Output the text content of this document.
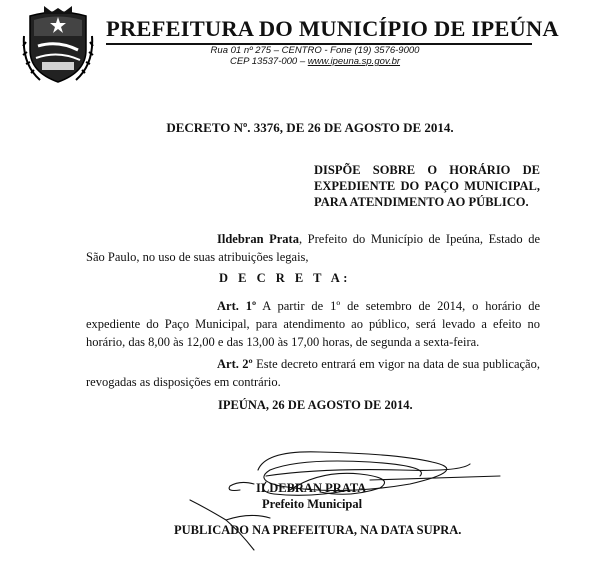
PREFEITURA DO MUNICÍPIO DE IPEÚNA
Rua 01 nº 275 – CENTRO - Fone (19) 3576-9000
CEP 13537-000 – www.ipeuna.sp.gov.br
DECRETO Nº. 3376, DE 26 DE AGOSTO DE 2014.
DISPÕE SOBRE O HORÁRIO DE EXPEDIENTE DO PAÇO MUNICIPAL, PARA ATENDIMENTO AO PÚBLICO.
Ildebran Prata, Prefeito do Município de Ipeúna, Estado de São Paulo, no uso de suas atribuições legais,
D E C R E T A:
Art. 1º A partir de 1º de setembro de 2014, o horário de expediente do Paço Municipal, para atendimento ao público, será levado a efeito no horário, das 8,00 às 12,00 e das 13,00 às 17,00 horas, de segunda a sexta-feira.
Art. 2º Este decreto entrará em vigor na data de sua publicação, revogadas as disposições em contrário.
IPEÚNA, 26 DE AGOSTO DE 2014.
ILDEBRAN PRATA
Prefeito Municipal
PUBLICADO NA PREFEITURA, NA DATA SUPRA.
